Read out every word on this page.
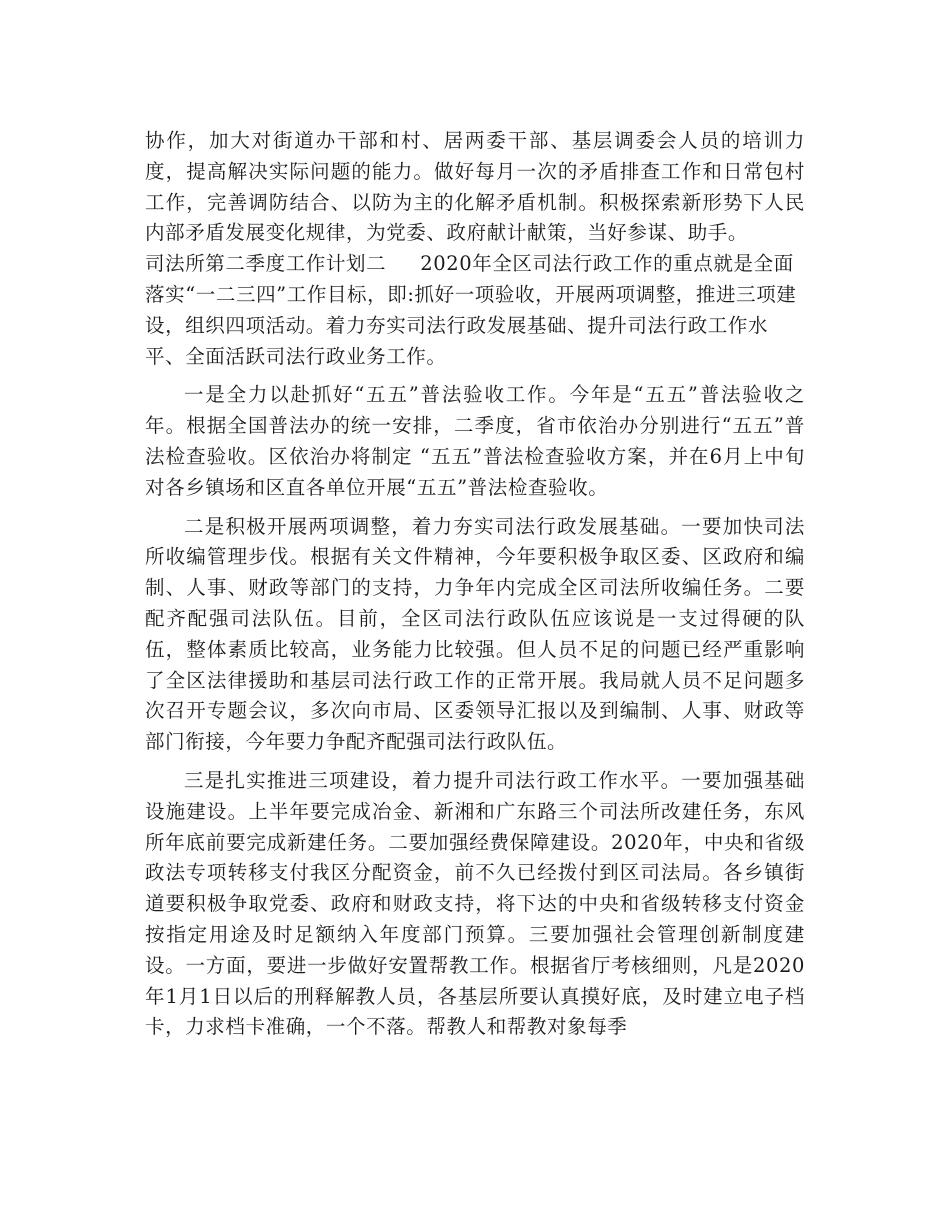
协作，加大对街道办干部和村、居两委干部、基层调委会人员的培训力度，提高解决实际问题的能力。做好每月一次的矛盾排查工作和日常包村工作，完善调防结合、以防为主的化解矛盾机制。积极探索新形势下人民内部矛盾发展变化规律，为党委、政府献计献策，当好参谋、助手。

司法所第二季度工作计划二 2020年全区司法行政工作的重点就是全面落实“一二三四”工作目标，即:抓好一项验收，开展两项调整，推进三项建设，组织四项活动。着力夯实司法行政发展基础、提升司法行政工作水平、全面活跃司法行政业务工作。

一是全力以赴抓好“五五”普法验收工作。今年是“五五”普法验收之年。根据全国普法办的统一安排，二季度，省市依治办分别进行“五五”普法检查验收。区依治办将制定 “五五”普法检查验收方案，并在6月上中旬对各乡镇场和区直各单位开展“五五”普法检查验收。

二是积极开展两项调整，着力夯实司法行政发展基础。一要加快司法所收编管理步伐。根据有关文件精神，今年要积极争取区委、区政府和编制、人事、财政等部门的支持，力争年内完成全区司法所收编任务。二要配齐配强司法队伍。目前，全区司法行政队伍应该说是一支过得硬的队伍，整体素质比较高，业务能力比较强。但人员不足的问题已经严重影响了全区法律援助和基层司法行政工作的正常开展。我局就人员不足问题多次召开专题会议，多次向市局、区委领导汇报以及到编制、人事、财政等部门衔接，今年要力争配齐配强司法行政队伍。

三是扎实推进三项建设，着力提升司法行政工作水平。一要加强基础设施建设。上半年要完成冶金、新湘和广东路三个司法所改建任务，东风所年底前要完成新建任务。二要加强经费保障建设。2020年，中央和省级政法专项转移支付我区分配资金，前不久已经拨付到区司法局。各乡镇街道要积极争取党委、政府和财政支持，将下达的中央和省级转移支付资金按指定用途及时足额纳入年度部门预算。三要加强社会管理创新制度建设。一方面，要进一步做好安置帮教工作。根据省厅考核细则，凡是2020年1月1日以后的刑释解教人员，各基层所要认真摸好底，及时建立电子档卡，力求档卡准确，一个不落。帮教人和帮教对象每季
